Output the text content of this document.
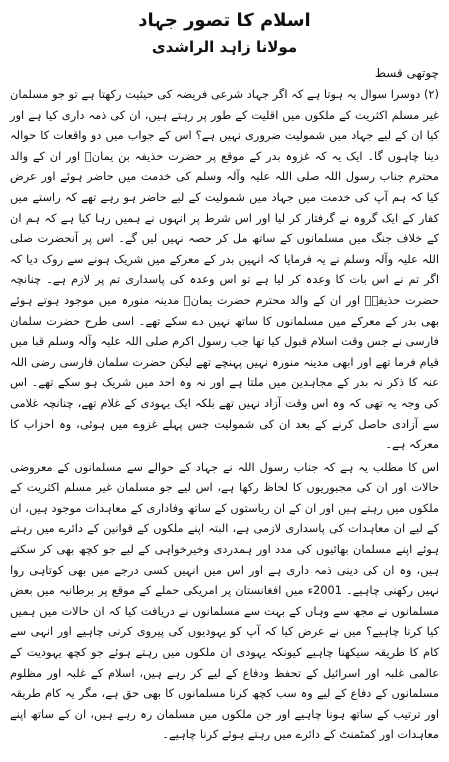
اسلام کا تصور جہاد
مولانا زاہد الراشدی
چوتھی قسط

(۲) دوسرا سوال یہ ہوتا ہے کہ اگر جہاد شرعی فریضہ کی حیثیت رکھتا ہے تو جو مسلمان غیر مسلم اکثریت کے ملکوں میں اقلیت کے طور پر رہتے ہیں، ان کی ذمہ داری کیا ہے اور کیا ان کے لیے جہاد میں شمولیت ضروری نہیں ہے؟ اس کے جواب میں دو واقعات کا حوالہ دینا چاہوں گا۔ ایک یہ کہ غزوہ بدر کے موقع پر حضرت حذیفہ بن یمانؓ اور ان کے والد محترم جناب رسول اللہ صلی اللہ علیہ وآلہ وسلم کی خدمت میں حاضر ہوئے اور عرض کیا کہ ہم آپ کی خدمت میں جہاد میں شمولیت کے لیے حاضر ہو رہے تھے کہ راستے میں کفار کے ایک گروہ نے گرفتار کر لیا اور اس شرط پر انہوں نے ہمیں رہا کیا ہے کہ ہم ان کے خلاف جنگ میں مسلمانوں کے ساتھ مل کر حصہ نہیں لیں گے۔ اس پر آنحضرت صلی اللہ علیہ وآلہ وسلم نے یہ فرمایا کہ انہیں بدر کے معرکے میں شریک ہونے سے روک دیا کہ اگر تم نے اس بات کا وعدہ کر لیا ہے تو اس وعدہ کی پاسداری تم پر لازم ہے۔ چنانچہ حضرت حذیفہؓ اور ان کے والد محترم حضرت یمانؓ مدینہ منورہ میں موجود ہوتے ہوئے بھی بدر کے معرکے میں مسلمانوں کا ساتھ نہیں دے سکے تھے۔ اسی طرح حضرت سلمان فارسی نے جس وقت اسلام قبول کیا تھا جب رسول اکرم صلی اللہ علیہ وآلہ وسلم قبا میں قیام فرما تھے اور ابھی مدینہ منورہ نہیں پہنچے تھے لیکن حضرت سلمان فارسی رضی اللہ عنہ کا ذکر نہ بدر کے مجاہدین میں ملتا ہے اور نہ وہ احد میں شریک ہو سکے تھے۔ اس کی وجہ یہ تھی کہ وہ اس وقت آزاد نہیں تھے بلکہ ایک یہودی کے غلام تھے، چنانچہ غلامی سے آزادی حاصل کرنے کے بعد ان کی شمولیت جس پہلے غزوے میں ہوئی، وہ احزاب کا معرکہ ہے۔

اس کا مطلب یہ ہے کہ جناب رسول اللہ نے جہاد کے حوالے سے مسلمانوں کے معروضی حالات اور ان کی مجبوریوں کا لحاظ رکھا ہے، اس لیے جو مسلمان غیر مسلم اکثریت کے ملکوں میں رہتے ہیں اور ان کے ان ریاستوں کے ساتھ وفاداری کے معاہدات موجود ہیں، ان کے لیے ان معاہدات کی پاسداری لازمی ہے، البتہ اپنے ملکوں کے قوانین کے دائرے میں رہتے ہوئے اپنے مسلمان بھائیوں کی مدد اور ہمدردی وخیرخواہی کے لیے جو کچھ بھی کر سکتے ہیں، وہ ان کی دینی ذمہ داری ہے اور اس میں انہیں کسی درجے میں بھی کوتاہی روا نہیں رکھنی چاہیے۔ 2001ء میں افغانستان پر امریکی حملے کے موقع پر برطانیہ میں بعض مسلمانوں نے مجھ سے وہاں کے بہت سے مسلمانوں نے دریافت کیا کہ ان حالات میں ہمیں کیا کرنا چاہیے؟ میں نے عرض کیا کہ آپ کو یہودیوں کی پیروی کرنی چاہیے اور انہی سے کام کا طریقہ سیکھنا چاہیے کیونکہ یہودی ان ملکوں میں رہتے ہوئے جو کچھ یہودیت کے عالمی غلبہ اور اسرائیل کے تحفظ ودفاع کے لیے کر رہے ہیں، اسلام کے غلبہ اور مظلوم مسلمانوں کے دفاع کے لیے وہ سب کچھ کرنا مسلمانوں کا بھی حق ہے، مگر یہ کام طریقہ اور ترتیب کے ساتھ ہونا چاہیے اور جن ملکوں میں مسلمان رہ رہے ہیں، ان کے ساتھ اپنے معاہدات اور کمٹمنٹ کے دائرے میں رہتے ہوئے کرنا چاہیے۔
